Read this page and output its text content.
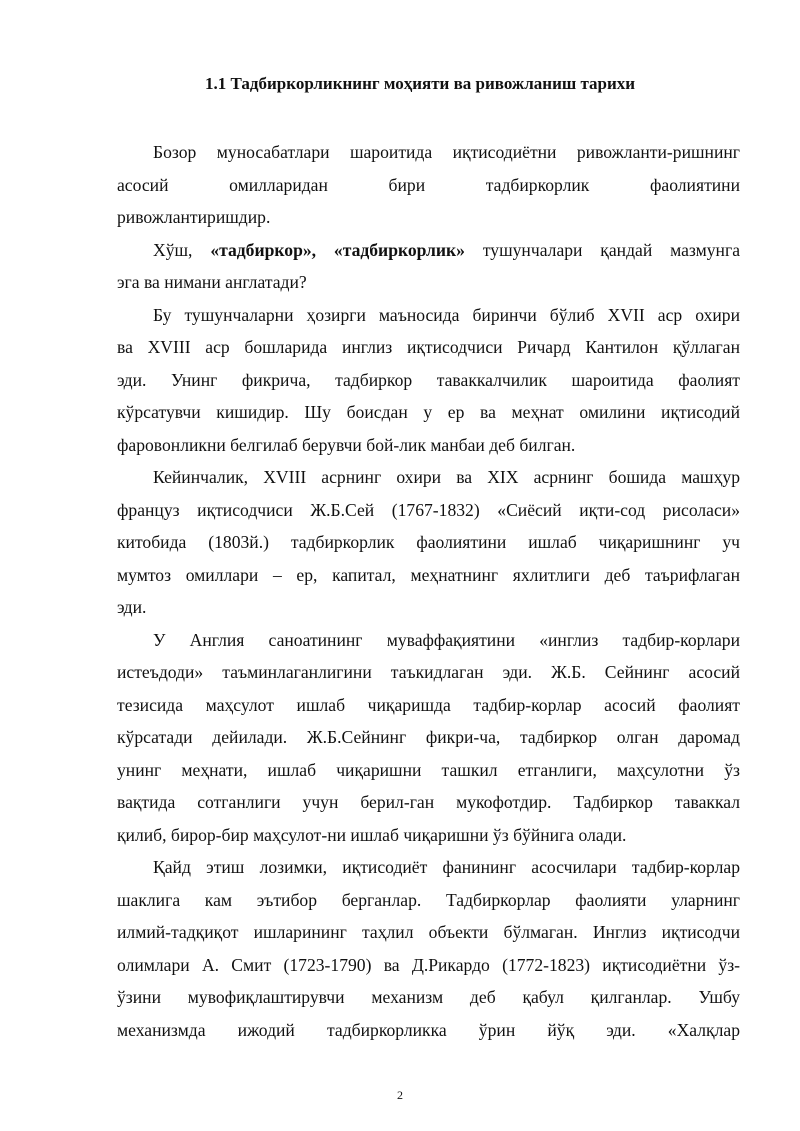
1.1 Тадбиркорликнинг моҳияти ва ривожланиш тарихи
Бозор муносабатлари шароитида иқтисодиётни ривожланти-ришнинг
асосий омилларидан бири тадбиркорлик фаолиятини
ривожлантиришдир.
Хўш, «тадбиркор», «тадбиркорлик» тушунчалари қандай мазмунга
эга ва нимани англатади?
Бу тушунчаларни ҳозирги маъносида биринчи бўлиб XVII аср охири
ва XVIII аср бошларида инглиз иқтисодчиси Ричард Кантилон қўллаган
эди. Унинг фикрича, тадбиркор таваккалчилик шароитида фаолият
кўрсатувчи кишидир. Шу боисдан у ер ва меҳнат омилини иқтисодий
фаровонликни белгилаб берувчи бой-лик манбаи деб билган.
Кейинчалик, XVIII асрнинг охири ва XIX асрнинг бошида машҳур
француз иқтисодчиси Ж.Б.Сей (1767-1832) «Сиёсий иқти-сод рисоласи»
китобида (1803й.) тадбиркорлик фаолиятини ишлаб чиқаришнинг уч
мумтоз омиллари – ер, капитал, меҳнатнинг яхлитлиги деб таърифлаган
эди.
У Англия саноатининг муваффақиятини «инглиз тадбир-корлари
истеъдоди» таъминлаганлигини таъкидлаган эди. Ж.Б. Сейнинг асосий
тезисида маҳсулот ишлаб чиқаришда тадбир-корлар асосий фаолият
кўрсатади дейилади. Ж.Б.Сейнинг фикри-ча, тадбиркор олган даромад
унинг меҳнати, ишлаб чиқаришни ташкил етганлиги, маҳсулотни ўз
вақтида сотганлиги учун берил-ган мукофотдир. Тадбиркор таваккал
қилиб, бирор-бир маҳсулот-ни ишлаб чиқаришни ўз бўйнига олади.
Қайд этиш лозимки, иқтисодиёт фанининг асосчилари тадбир-корлар
шаклига кам эътибор берганлар. Тадбиркорлар фаолияти уларнинг
илмий-тадқиқот ишларининг таҳлил объекти бўлмаган. Инглиз иқтисодчи
олимлари А. Смит (1723-1790) ва Д.Рикардо (1772-1823) иқтисодиётни ўз-
ўзини мувофиқлаштирувчи механизм деб қабул қилганлар. Ушбу
механизмда ижодий тадбиркорликка ўрин йўқ эди. «Халқлар
2
